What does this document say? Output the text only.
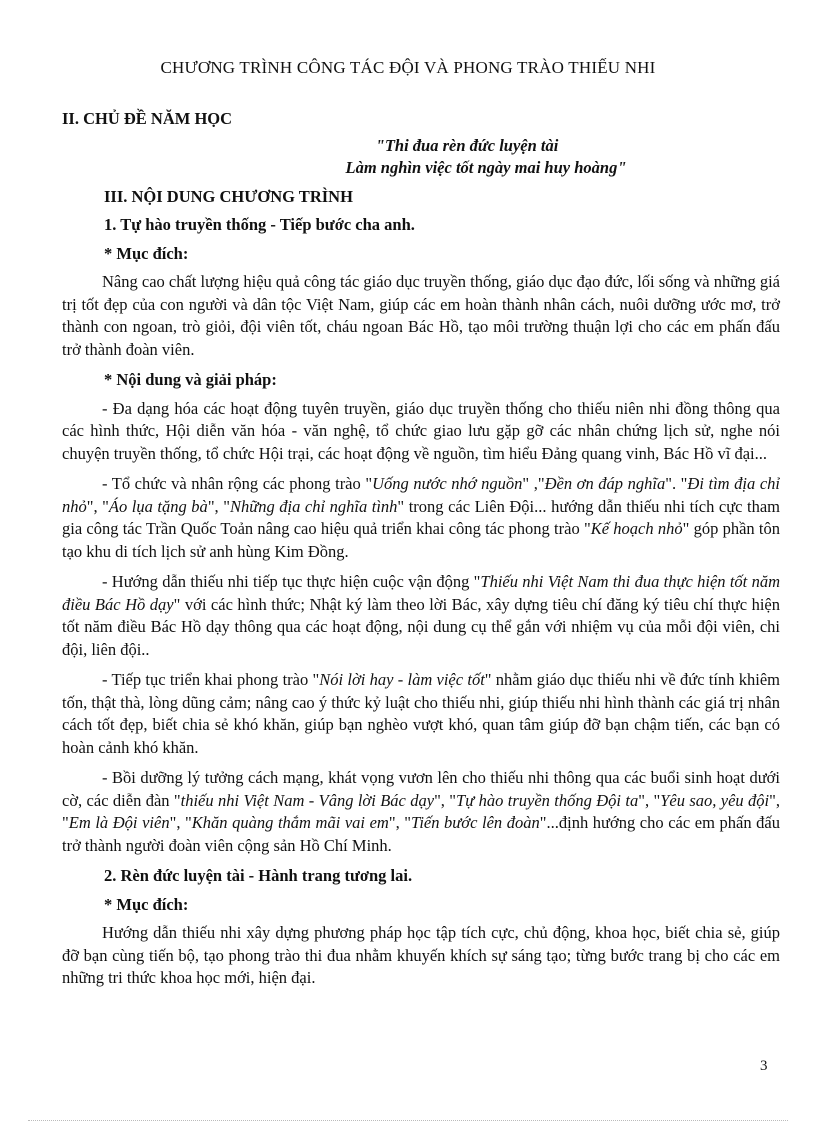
CHƯƠNG TRÌNH CÔNG TÁC ĐỘI VÀ PHONG TRÀO THIẾU NHI

II. CHỦ ĐỀ NĂM HỌC

"Thi đua rèn đức luyện tài

Làm nghìn việc tốt ngày mai huy hoàng"

III. NỘI DUNG CHƯƠNG TRÌNH

1. Tự hào truyền thống - Tiếp bước cha anh.

* Mục đích:

Nâng cao chất lượng hiệu quả công tác giáo dục truyền thống, giáo dục đạo đức, lối sống và những giá trị tốt đẹp của con người và dân tộc Việt Nam, giúp các em hoàn thành nhân cách, nuôi dưỡng ước mơ, trở thành con ngoan, trò giỏi, đội viên tốt, cháu ngoan Bác Hồ, tạo môi trường thuận lợi cho các em phấn đấu trở thành đoàn viên.

* Nội dung và giải pháp:

- Đa dạng hóa các hoạt động tuyên truyền, giáo dục truyền thống cho thiếu niên nhi đồng thông qua các hình thức, Hội diễn văn hóa - văn nghệ, tổ chức giao lưu gặp gỡ các nhân chứng lịch sử, nghe nói chuyện truyền thống, tổ chức Hội trại, các hoạt động về nguồn, tìm hiểu Đảng quang vinh, Bác Hồ vĩ đại...

- Tổ chức và nhân rộng các phong trào "Uống nước nhớ nguồn" ,"Đền ơn đáp nghĩa". "Đi tìm địa chỉ nhỏ", "Áo lụa tặng bà", "Những địa chỉ nghĩa tình" trong các Liên Đội... hướng dẫn thiếu nhi tích cực tham gia công tác Trần Quốc Toản nâng cao hiệu quả triển khai công tác phong trào "Kế hoạch nhỏ" góp phần tôn tạo khu di tích lịch sử anh hùng Kim Đồng.

- Hướng dẫn thiếu nhi tiếp tục thực hiện cuộc vận động "Thiếu nhi Việt Nam thi đua thực hiện tốt năm điều Bác Hồ dạy" với các hình thức; Nhật ký làm theo lời Bác, xây dựng tiêu chí đăng ký tiêu chí thực hiện tốt năm điều Bác Hồ dạy thông qua các hoạt động, nội dung cụ thể gắn với nhiệm vụ của mỗi đội viên, chi đội, liên đội..

- Tiếp tục triển khai phong trào "Nói lời hay - làm việc tốt" nhằm giáo dục thiếu nhi về đức tính khiêm tốn, thật thà, lòng dũng cảm; nâng cao ý thức kỷ luật cho thiếu nhi, giúp thiếu nhi hình thành các giá trị nhân cách tốt đẹp, biết chia sẻ khó khăn, giúp bạn nghèo vượt khó, quan tâm giúp đỡ bạn chậm tiến, các bạn có hoàn cảnh khó khăn.

- Bồi dưỡng lý tưởng cách mạng, khát vọng vươn lên cho thiếu nhi thông qua các buổi sinh hoạt dưới cờ, các diễn đàn "thiếu nhi Việt Nam - Vâng lời Bác dạy", "Tự hào truyền thống Đội ta", "Yêu sao, yêu đội", "Em là Đội viên", "Khăn quàng thắm mãi vai em", "Tiến bước lên đoàn"...định hướng cho các em phấn đấu trở thành người đoàn viên cộng sản Hồ Chí Minh.

2. Rèn đức luyện tài - Hành trang tương lai.

* Mục đích:

Hướng dẫn thiếu nhi xây dựng phương pháp học tập tích cực, chủ động, khoa học, biết chia sẻ, giúp đỡ bạn cùng tiến bộ, tạo phong trào thi đua nhằm khuyến khích sự sáng tạo; từng bước trang bị cho các em những tri thức khoa học mới, hiện đại.

3
